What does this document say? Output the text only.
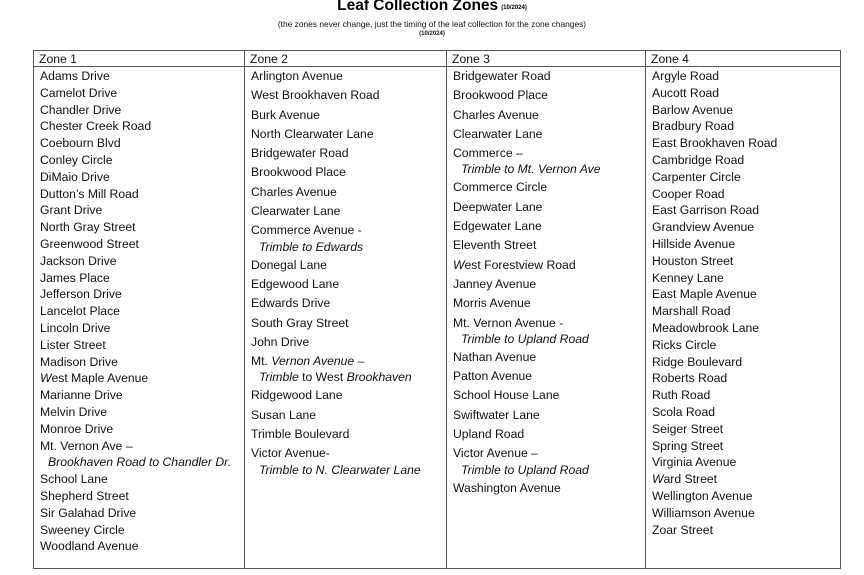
Leaf Collection Zones (10/2024)
(the zones never change, just the timing of the leaf collection for the zone changes)
(10/2024)
Zone 1
Adams Drive
Camelot Drive
Chandler Drive
Chester Creek Road
Coebourn Blvd
Conley Circle
DiMaio Drive
Dutton’s Mill Road
Grant Drive
North Gray Street
Greenwood Street
Jackson Drive
James Place
Jefferson Drive
Lancelot Place
Lincoln Drive
Lister Street
Madison Drive
West Maple Avenue
Marianne Drive
Melvin Drive
Monroe Drive
Mt. Vernon Ave –
Brookhaven Road to Chandler Dr.
School Lane
Shepherd Street
Sir Galahad Drive
Sweeney Circle
Woodland Avenue
Zone 2
Arlington Avenue
West Brookhaven Road
Burk Avenue
North Clearwater Lane
Bridgewater Road
Brookwood Place
Charles Avenue
Clearwater Lane
Commerce Avenue -
Trimble to Edwards
Donegal Lane
Edgewood Lane
Edwards Drive
South Gray Street
John Drive
Mt. Vernon Avenue –
Trimble to West Brookhaven
Ridgewood Lane
Susan Lane
Trimble Boulevard
Victor Avenue-
Trimble to N. Clearwater Lane
Zone 3
Bridgewater Road
Brookwood Place
Charles Avenue
Clearwater Lane
Commerce –
Trimble to Mt. Vernon Ave
Commerce Circle
Deepwater Lane
Edgewater Lane
Eleventh Street
West Forestview Road
Janney Avenue
Morris Avenue
Mt. Vernon Avenue -
Trimble to Upland Road
Nathan Avenue
Patton Avenue
School House Lane
Swiftwater Lane
Upland Road
Victor Avenue –
Trimble to Upland Road
Washington Avenue
Zone 4
Argyle Road
Aucott Road
Barlow Avenue
Bradbury Road
East Brookhaven Road
Cambridge Road
Carpenter Circle
Cooper Road
East Garrison Road
Grandview Avenue
Hillside Avenue
Houston Street
Kenney Lane
East Maple Avenue
Marshall Road
Meadowbrook Lane
Ricks Circle
Ridge Boulevard
Roberts Road
Ruth Road
Scola Road
Seiger Street
Spring Street
Virginia Avenue
Ward Street
Wellington Avenue
Williamson Avenue
Zoar Street
